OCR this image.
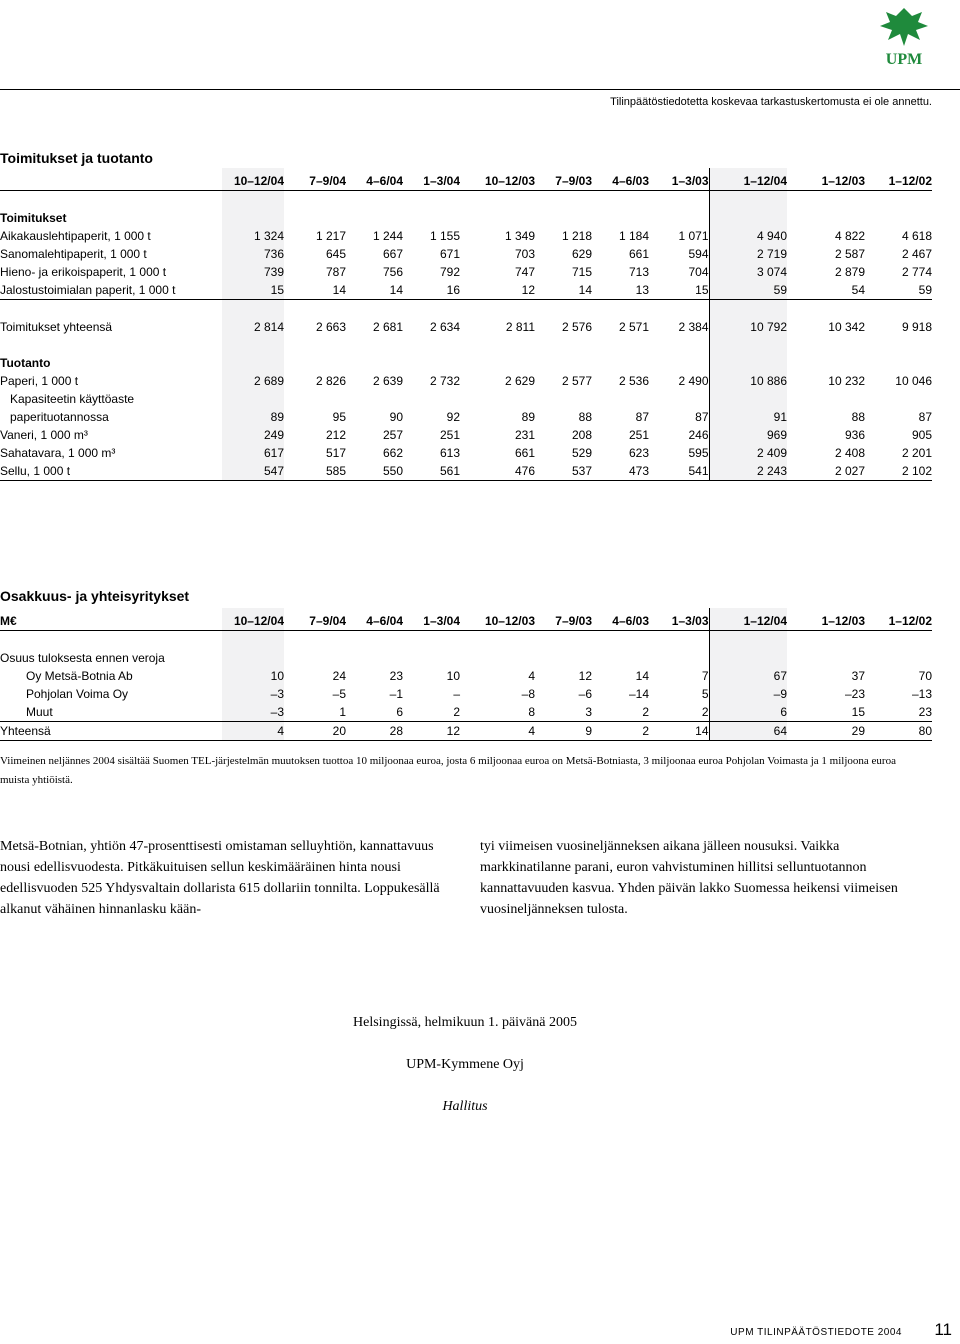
UPM
Tilinpäätöstiedotetta koskevaa tarkastuskertomusta ei ole annettu.
Toimitukset ja tuotanto
	10–12/04	7–9/04	4–6/04	1–3/04	10–12/03	7–9/03	4–6/03	1–3/03	1–12/04	1–12/03	1–12/02

Toimitukset											
Aikakauslehtipaperit, 1 000 t	1 324	1 217	1 244	1 155	1 349	1 218	1 184	1 071	4 940	4 822	4 618
Sanomalehtipaperit, 1 000 t	736	645	667	671	703	629	661	594	2 719	2 587	2 467
Hieno- ja erikoispaperit, 1 000 t	739	787	756	792	747	715	713	704	3 074	2 879	2 774
Jalostustoimialan paperit, 1 000 t	15	14	14	16	12	14	13	15	59	54	59

Toimitukset yhteensä	2 814	2 663	2 681	2 634	2 811	2 576	2 571	2 384	10 792	10 342	9 918

Tuotanto											
Paperi, 1 000 t	2 689	2 826	2 639	2 732	2 629	2 577	2 536	2 490	10 886	10 232	10 046
Kapasiteetin käyttöaste											
paperituotannossa	89	95	90	92	89	88	87	87	91	88	87
Vaneri, 1 000 m³	249	212	257	251	231	208	251	246	969	936	905
Sahatavara, 1 000 m³	617	517	662	613	661	529	623	595	2 409	2 408	2 201
Sellu, 1 000 t	547	585	550	561	476	537	473	541	2 243	2 027	2 102
Osakkuus- ja yhteisyritykset
M€	10–12/04	7–9/04	4–6/04	1–3/04	10–12/03	7–9/03	4–6/03	1–3/03	1–12/04	1–12/03	1–12/02

Osuus tuloksesta ennen veroja											
Oy Metsä-Botnia Ab	10	24	23	10	4	12	14	7	67	37	70
Pohjolan Voima Oy	–3	–5	–1	–	–8	–6	–14	5	–9	–23	–13
Muut	–3	1	6	2	8	3	2	2	6	15	23
Yhteensä	4	20	28	12	4	9	2	14	64	29	80
Viimeinen neljännes 2004 sisältää Suomen TEL-järjestelmän muutoksen tuottoa 10 miljoonaa euroa, josta 6 miljoonaa euroa on Metsä-Botniasta, 3 miljoonaa euroa Pohjolan Voimasta ja 1 miljoona euroa muista yhtiöistä.
Metsä-Botnian, yhtiön 47-prosenttisesti omistaman selluyhtiön, kannattavuus nousi edellisvuodesta. Pitkäkuituisen sellun keskimääräinen hinta nousi edellisvuoden 525 Yhdysvaltain dollarista 615 dollariin tonnilta. Loppukesällä alkanut vähäinen hinnanlasku kään-
tyi viimeisen vuosineljänneksen aikana jälleen nousuksi. Vaikka markkinatilanne parani, euron vahvistuminen hillitsi selluntuotannon kannattavuuden kasvua. Yhden päivän lakko Suomessa heikensi viimeisen vuosineljänneksen tulosta.
Helsingissä, helmikuun 1. päivänä 2005
UPM-Kymmene Oyj
Hallitus
UPM TILINPÄÄTÖSTIEDOTE 2004 11
